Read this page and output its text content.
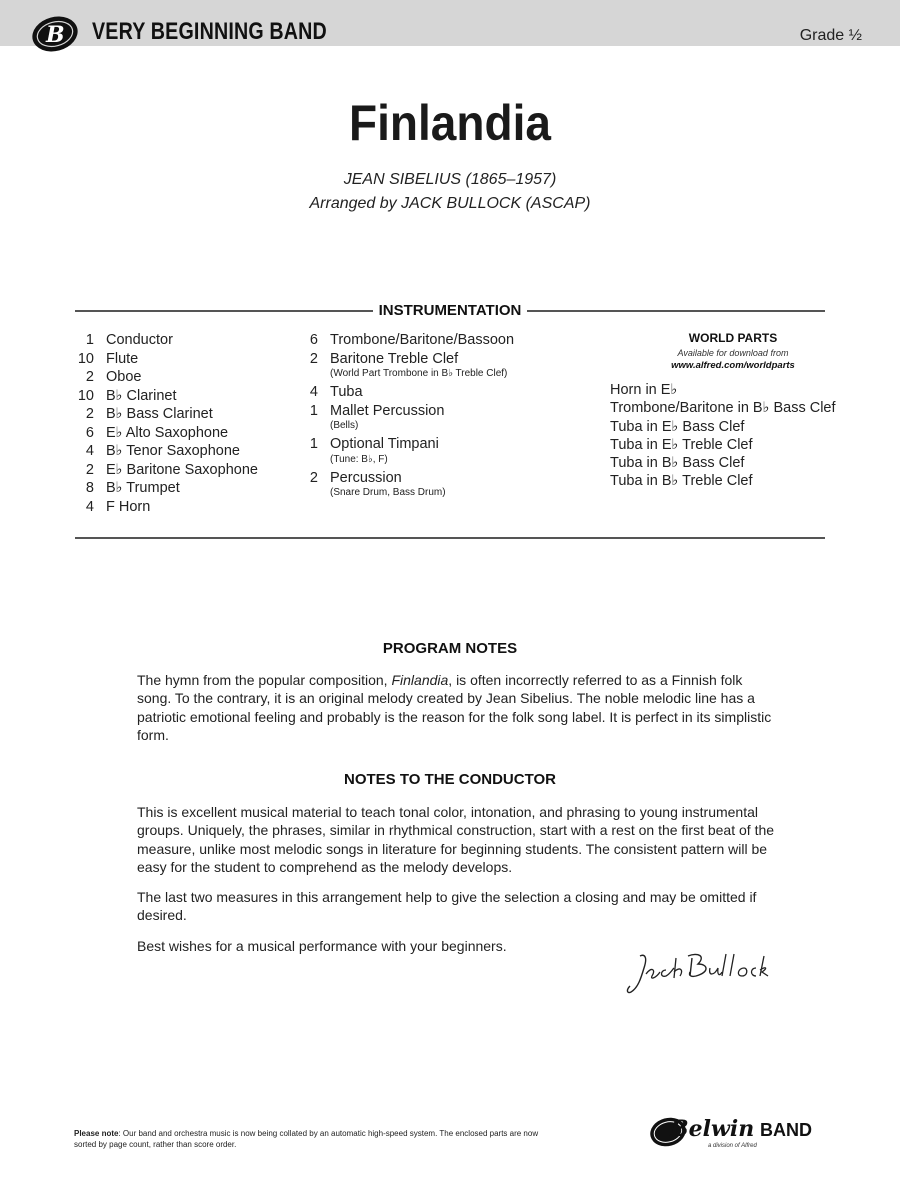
B VERY BEGINNING BAND	Grade ½
Finlandia
JEAN SIBELIUS (1865–1957)
Arranged by JACK BULLOCK (ASCAP)
INSTRUMENTATION
1 Conductor
10 Flute
2 Oboe
10 B♭ Clarinet
2 B♭ Bass Clarinet
6 E♭ Alto Saxophone
4 B♭ Tenor Saxophone
2 E♭ Baritone Saxophone
8 B♭ Trumpet
4 F Horn
6 Trombone/Baritone/Bassoon
2 Baritone Treble Clef
(World Part Trombone in B♭ Treble Clef)
4 Tuba
1 Mallet Percussion
(Bells)
1 Optional Timpani
(Tune: B♭, F)
2 Percussion
(Snare Drum, Bass Drum)
WORLD PARTS
Available for download from
www.alfred.com/worldparts
Horn in E♭
Trombone/Baritone in B♭ Bass Clef
Tuba in E♭ Bass Clef
Tuba in E♭ Treble Clef
Tuba in B♭ Bass Clef
Tuba in B♭ Treble Clef
PROGRAM NOTES
The hymn from the popular composition, Finlandia, is often incorrectly referred to as a Finnish folk song. To the contrary, it is an original melody created by Jean Sibelius. The noble melodic line has a patriotic emotional feeling and probably is the reason for the folk song label. It is perfect in its simplistic form.
NOTES TO THE CONDUCTOR
This is excellent musical material to teach tonal color, intonation, and phrasing to young instrumental groups. Uniquely, the phrases, similar in rhythmical construction, start with a rest on the first beat of the measure, unlike most melodic songs in literature for beginning students. The consistent pattern will be easy for the student to comprehend as the melody develops.
The last two measures in this arrangement help to give the selection a closing and may be omitted if desired.
Best wishes for a musical performance with your beginners.
Please note: Our band and orchestra music is now being collated by an automatic high-speed system. The enclosed parts are now sorted by page count, rather than score order.
Belwin BAND
a division of Alfred
